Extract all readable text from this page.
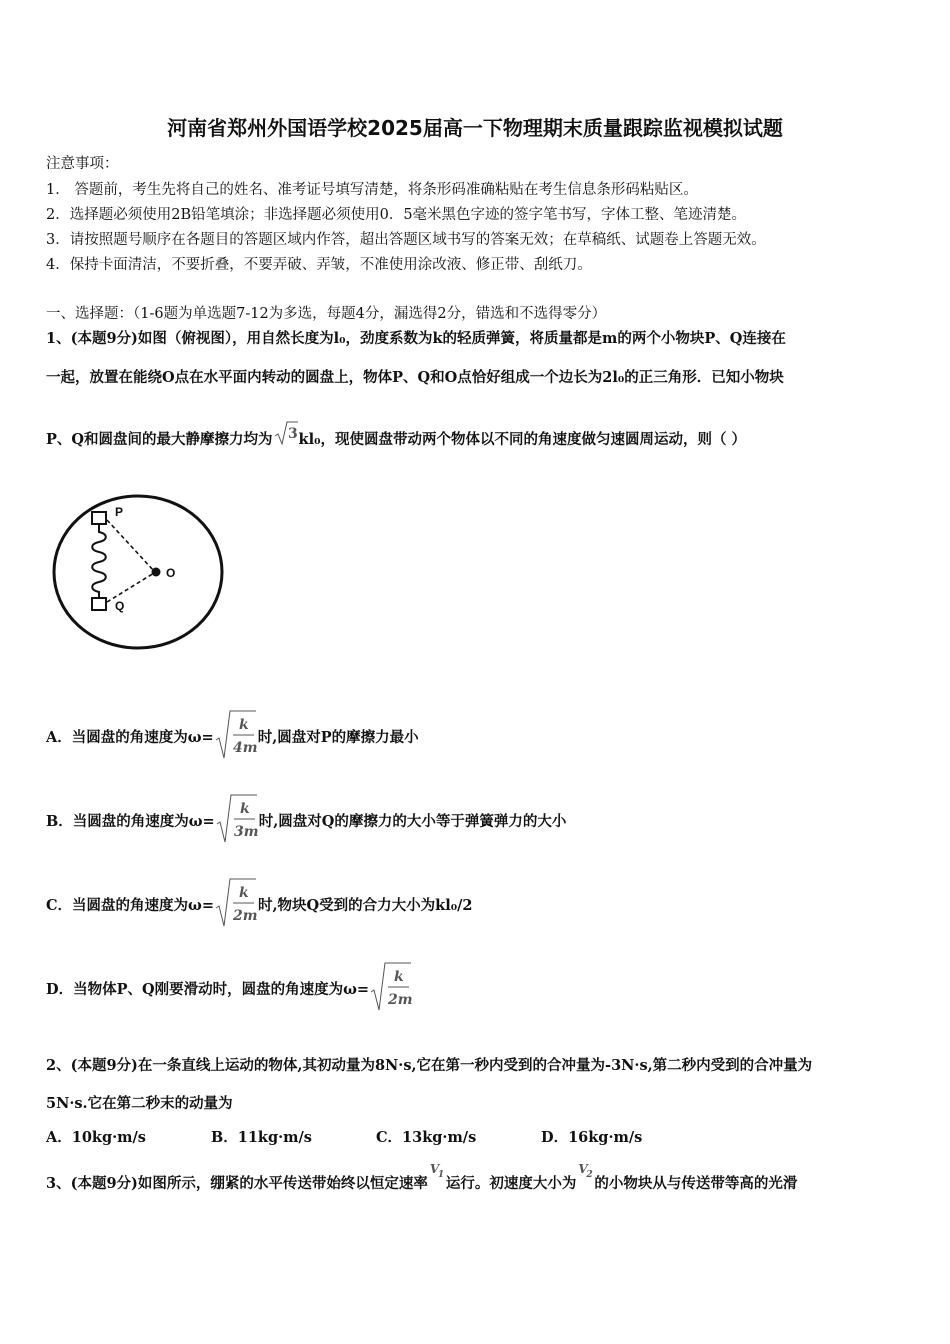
河南省郑州外国语学校2025届高一下物理期末质量跟踪监视模拟试题
注意事项：
1． 答题前，考生先将自己的姓名、准考证号填写清楚，将条形码准确粘贴在考生信息条形码粘贴区。
2．选择题必须使用2B铅笔填涂；非选择题必须使用0．5毫米黑色字迹的签字笔书写，字体工整、笔迹清楚。
3．请按照题号顺序在各题目的答题区域内作答，超出答题区域书写的答案无效；在草稿纸、试题卷上答题无效。
4．保持卡面清洁，不要折叠，不要弄破、弄皱，不准使用涂改液、修正带、刮纸刀。
一、选择题：（1-6题为单选题7-12为多选，每题4分，漏选得2分，错选和不选得零分）
1、(本题9分)如图（俯视图），用自然长度为l₀，劲度系数为k的轻质弹簧，将质量都是m的两个小物块P、Q连接在
一起，放置在能绕O点在水平面内转动的圆盘上，物体P、Q和O点恰好组成一个边长为2l₀的正三角形．已知小物块
P、Q和圆盘间的最大静摩擦力均为 3 kl₀，现使圆盘带动两个物体以不同的角速度做匀速圆周运动，则（ ）
P
O
Q
A．当圆盘的角速度为ω=
k
4m
时,圆盘对P的摩擦力最小
B．当圆盘的角速度为ω=
k
3m
时,圆盘对Q的摩擦力的大小等于弹簧弹力的大小
C．当圆盘的角速度为ω=
k
2m
时,物块Q受到的合力大小为kl₀/2
D．当物体P、Q刚要滑动时，圆盘的角速度为ω=
k
2m
2、(本题9分)在一条直线上运动的物体,其初动量为8N·s,它在第一秒内受到的合冲量为-3N·s,第二秒内受到的合冲量为
5N·s.它在第二秒末的动量为
A．10kg·m/s	B．11kg·m/s	C．13kg·m/s	D．16kg·m/s
3、(本题9分)如图所示，绷紧的水平传送带始终以恒定速率
V
1 运行。初速度大小为
V
2 的小物块从与传送带等高的光滑
